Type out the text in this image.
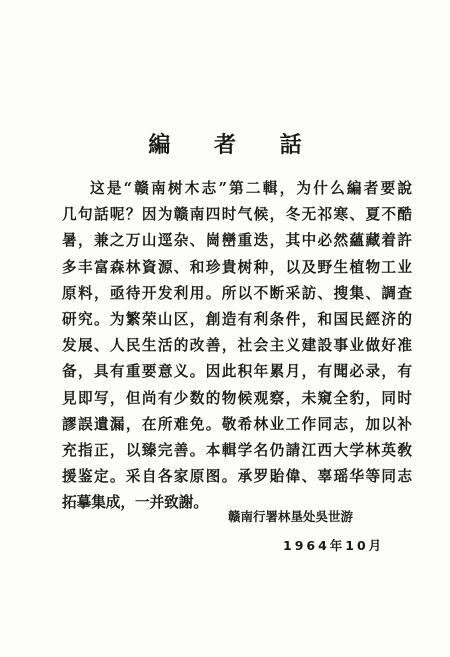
編 者 話
这是“赣南树木志”第二輯，为什么編者要說
几句話呢？因为赣南四时气候，冬无祁寒、夏不酷
暑，兼之万山逕杂、崗巒重迭，其中必然蘊藏着許
多丰富森林資源、和珍貴树种，以及野生植物工业
原料，亟待开发利用。所以不断采訪、搜集、調查
研究。为繁荣山区，創造有利条件，和国民經济的
发展、人民生活的改善，社会主义建設事业做好准
备，具有重要意义。因此积年累月，有聞必录，有
見即写，但尚有少数的物候观察，未窺全豹，同时
謬誤遺漏，在所难免。敬希林业工作同志，加以补
充指正，以臻完善。本輯学名仍請江西大学林英敎
援鉴定。采自各家原图。承罗貽偉、辜瑶华等同志
拓摹集成，一并致謝。
赣南行署林垦处吳世游
1964年10月
